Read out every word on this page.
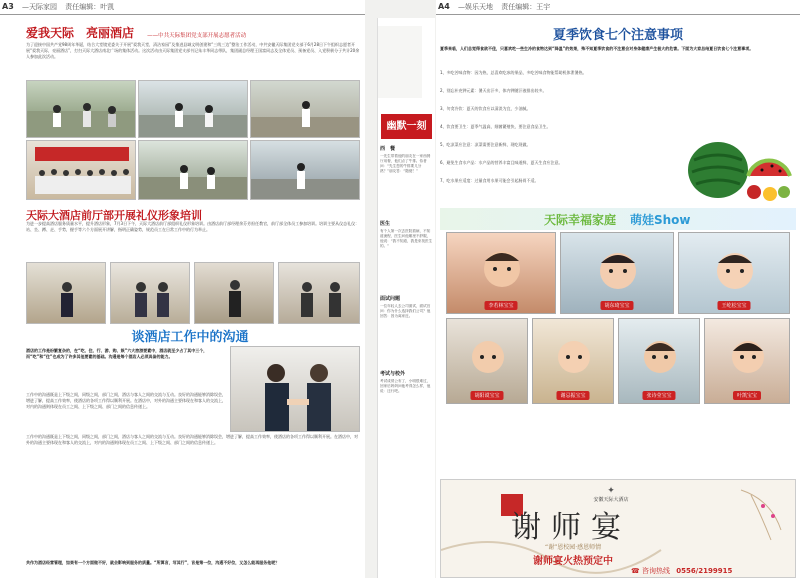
A3 —天际家园 责任编辑：叶凯
爱我天际　亮丽酒店 ——中共天际集团党支部开展志愿者活动
为了迎接中国共产党98周年华诞，结合大堂镜党委关于开展“爱我天堂，清洁家园”及推进县域文明创建和“三线三边”整治工作活动，中共安徽天际集团党支部于6月28日下午组织志愿者开展“爱我天际，亮丽酒店”，打扫天际大酒店南北广场的集体活动。这次活动由天际集团党支部书记朱丰华同志带队，集团副总经理王国富同志及全体党员、预备党员、入党积极分子共计20余人参加此次活动。
天际大酒店前厅部开展礼仪形象培训
为进一步提高酒店服务质量水平，提升酒店形象，7月3日下午，天际大酒店前厅部组织礼仪形象培训。由酒店前厅部经理余芬芳担任教官，前厅部全体员工参加培训。培训主要从仪态礼仪：站、坐、蹲、走、手势，握手等六个方面展开讲解，指明正确姿势，规范员工在日常工作中的行为举止。
谈酒店工作中的沟通
酒店的工作是纷繁复杂的，在“吃、住、行、游、购、娱”六大旅游要素中，酒店就至少占了其中三个，而“吃”和“住”也成为了许多其他要素的基础。沟通是每个酒店人必须具备的能力。
工作中的沟通既是上下级之间，同级之间，部门之间，酒店与客人之间的交流与互动。良好的沟通能够消除误会，增进了解，提高工作效率，使酒店的各项工作得以顺利开展。在酒店中，对外的沟通主要体现在和客人的交流上，对内的沟通则体现在员工之间、上下级之间、部门之间的信息传递上。
工作中的沟通既是上下级之间，同级之间，部门之间，酒店与客人之间的交流与互动。良好的沟通能够消除误会，增进了解，提高工作效率，使酒店的各项工作得以顺利开展。在酒店中，对外的沟通主要体现在和客人的交流上，对内的沟通则体现在员工之间、上下级之间、部门之间的信息传递上。
共作为酒店经营管理，如果有一个方面做不好，就会影响到服务的质量。“所算言，写其行”，言是第一位，沟通不好位，又怎么能再服务他呢？
幽默一刻
西　餐
一先生带着他的朋友在一家西餐厅用餐，他们点了牛排。侍者问：“先生您的牛排要几分熟？”朋友答：“随便！”
医生
有个人第一次去医院看病，不知道流程，医生问他哪里不舒服，他说：“我不知道，我是来找医生的。”
面试问题
一位年轻人去公司面试，面试官问：你为什么选择我们公司？他回答：因为离家近。
考试与校外
考试成绩公布了，小明很难过，回家后妈妈问他考得怎么样，他说：还行吧。
A4 —娱乐天地 责任编辑：王宇
夏季饮食七个注意事项
夏季来临，人们总觉得食欲不佳，只喜欢吃一些生冷的食物达到“降温”的效果，殊不知夏季饮食的不注意会对身体健康产生极大的危害。下面为大家总结夏日饮食七个注意事项。
1、多吃苦味食物：因为热，总喜欢吃冰的果品，多吃苦味食物能帮助机体泄暑热。
2、别忘补充钾元素：暑天出汗多，体内钾随汗液排出较多。
3、勿贪冷饮：夏天的饮食应以清淡为宜，少油腻。
4、饮食要卫生：夏季气温高，细菌繁殖快，要注意食品卫生。
5、吃凉菜应注意：凉菜需要注意新鲜，现吃现做。
6、避免生食水产品：水产品的营养丰富且味道鲜，夏天生食应注意。
7、吃水果应适度：过量食用水果可能会引起肠胃不适。
天际幸福家庭 萌娃Show
李若林宝宝	胡东琦宝宝	王屹松宝宝
胡阳谟宝宝	谢忌振宝宝	张诗莹宝宝	叶凯宝宝
✦
安徽天际大酒店
谢师宴
“谢”恩校园·感恩师情
谢师宴火热预定中
☎ 咨询热线 0556/2199915
